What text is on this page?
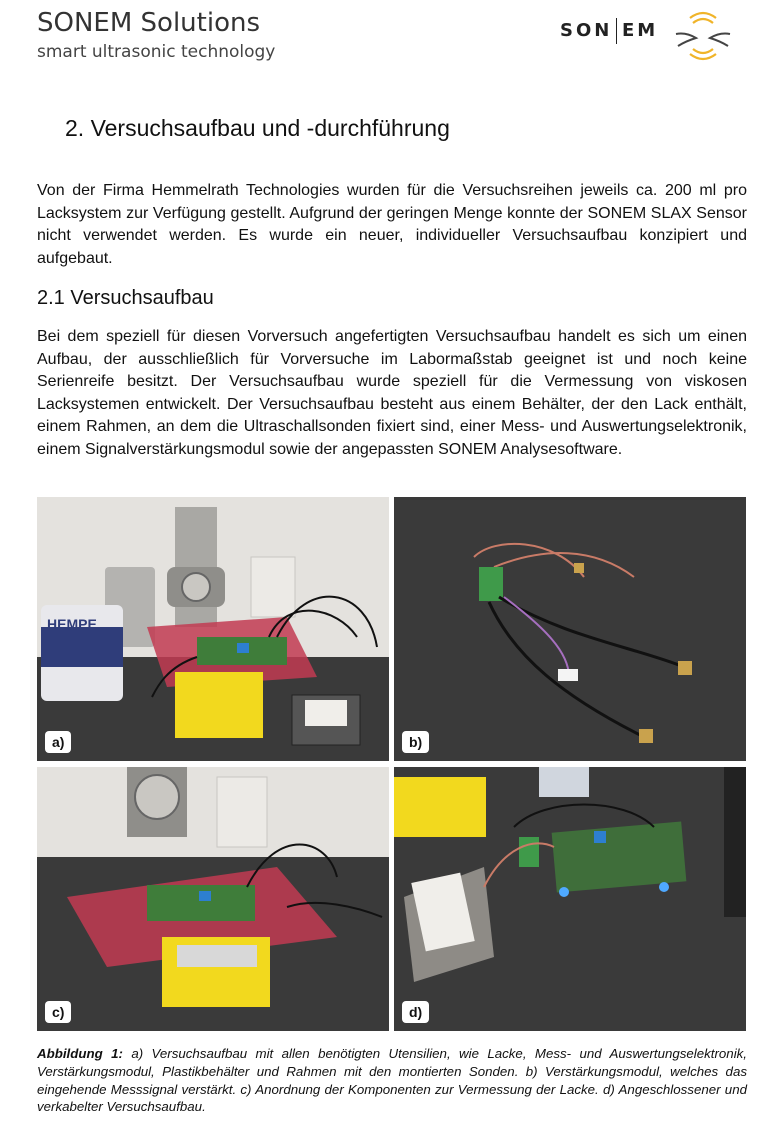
SONEM Solutions
smart ultrasonic technology
SON EM
2. Versuchsaufbau und -durchführung

Von der Firma Hemmelrath Technologies wurden für die Versuchsreihen jeweils ca. 200 ml pro Lacksystem zur Verfügung gestellt. Aufgrund der geringen Menge konnte der SONEM SLAX Sensor nicht verwendet werden. Es wurde ein neuer, individueller Versuchsaufbau konzipiert und aufgebaut.

2.1 Versuchsaufbau

Bei dem speziell für diesen Vorversuch angefertigten Versuchsaufbau handelt es sich um einen Aufbau, der ausschließlich für Vorversuche im Labormaßstab geeignet ist und noch keine Serienreife besitzt. Der Versuchsaufbau wurde speziell für die Vermessung von viskosen Lacksystemen entwickelt. Der Versuchsaufbau besteht aus einem Behälter, der den Lack enthält, einem Rahmen, an dem die Ultraschallsonden fixiert sind, einer Mess- und Auswertungselektronik, einem Signalverstärkungsmodul sowie der angepassten SONEM Analysesoftware.

HEMPE
a)	b)
c)	d)

Abbildung 1: a) Versuchsaufbau mit allen benötigten Utensilien, wie Lacke, Mess- und Auswertungselektronik, Verstärkungsmodul, Plastikbehälter und Rahmen mit den montierten Sonden. b) Verstärkungsmodul, welches das eingehende Messsignal verstärkt. c) Anordnung der Komponenten zur Vermessung der Lacke. d) Angeschlossener und verkabelter Versuchsaufbau.
